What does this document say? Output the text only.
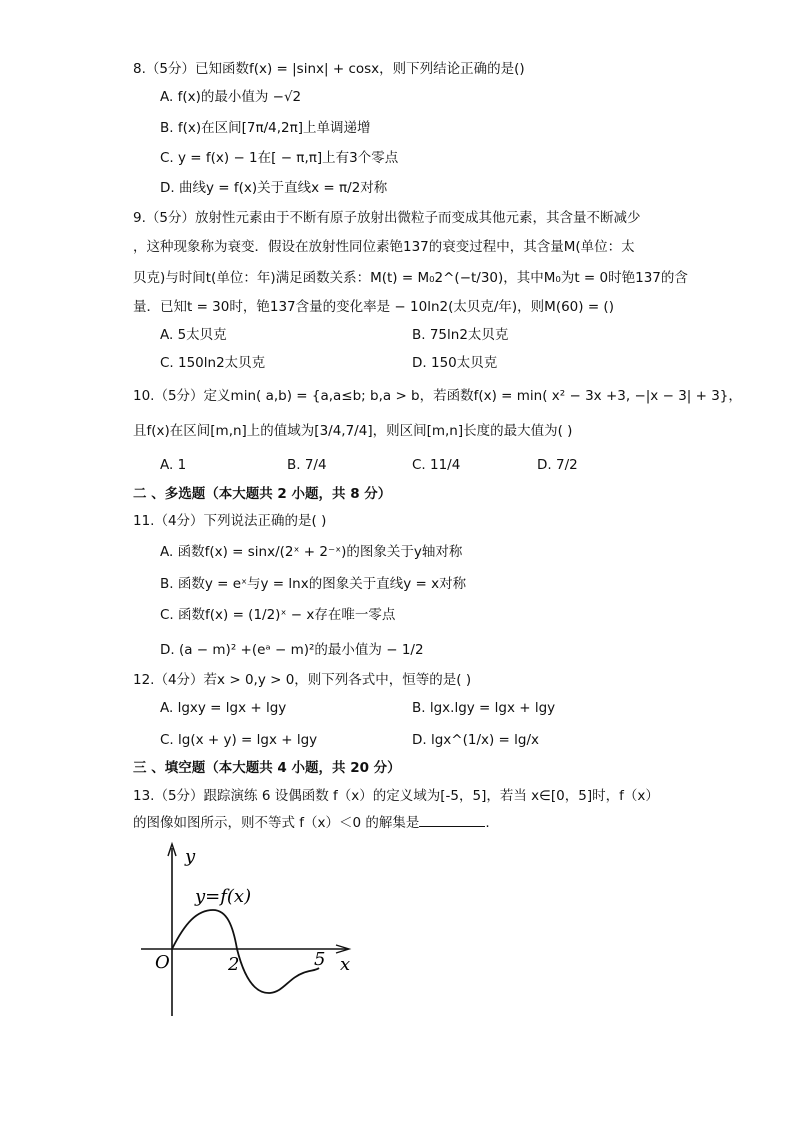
8.（5分）已知函数f(x) = |sinx| + cosx，则下列结论正确的是()
A. f(x)的最小值为 −√2
B. f(x)在区间[7π/4,2π]上单调递增
C. y = f(x) − 1在[ − π,π]上有3个零点
D. 曲线y = f(x)关于直线x = π/2对称
9.（5分）放射性元素由于不断有原子放射出微粒子而变成其他元素，其含量不断减少
，这种现象称为衰变．假设在放射性同位素铯137的衰变过程中，其含量M(单位：太
贝克)与时间t(单位：年)满足函数关系：M(t) = M₀2^(−t/30)，其中M₀为t = 0时铯137的含
量．已知t = 30时，铯137含量的变化率是 − 10ln2(太贝克/年)，则M(60) = ()
A. 5太贝克	B. 75ln2太贝克
C. 150ln2太贝克	D. 150太贝克
10.（5分）定义min( a,b) = {a,a≤b; b,a > b，若函数f(x) = min( x² − 3x +3, −|x − 3| + 3}，
且f(x)在区间[m,n]上的值域为[3/4,7/4]，则区间[m,n]长度的最大值为( )
A. 1	B. 7/4	C. 11/4	D. 7/2
二 、多选题（本大题共 2 小题，共 8 分）
11.（4分）下列说法正确的是( )
A. 函数f(x) = sinx/(2ˣ + 2⁻ˣ)的图象关于y轴对称
B. 函数y = eˣ与y = lnx的图象关于直线y = x对称
C. 函数f(x) = (1/2)ˣ − x存在唯一零点
D. (a − m)² +(eᵃ − m)²的最小值为 − 1/2
12.（4分）若x > 0,y > 0，则下列各式中，恒等的是( )
A. lgxy = lgx + lgy	B. lgx.lgy = lgx + lgy
C. lg(x + y) = lgx + lgy	D. lgx^(1/x) = lg/x
三 、填空题（本大题共 4 小题，共 20 分）
13.（5分）跟踪演练 6 设偶函数 f（x）的定义域为[-5，5]，若当 x∈[0，5]时，f（x）
的图像如图所示，则不等式 f（x）＜0 的解集是	.
y
x
O	2	5
y=f(x)
